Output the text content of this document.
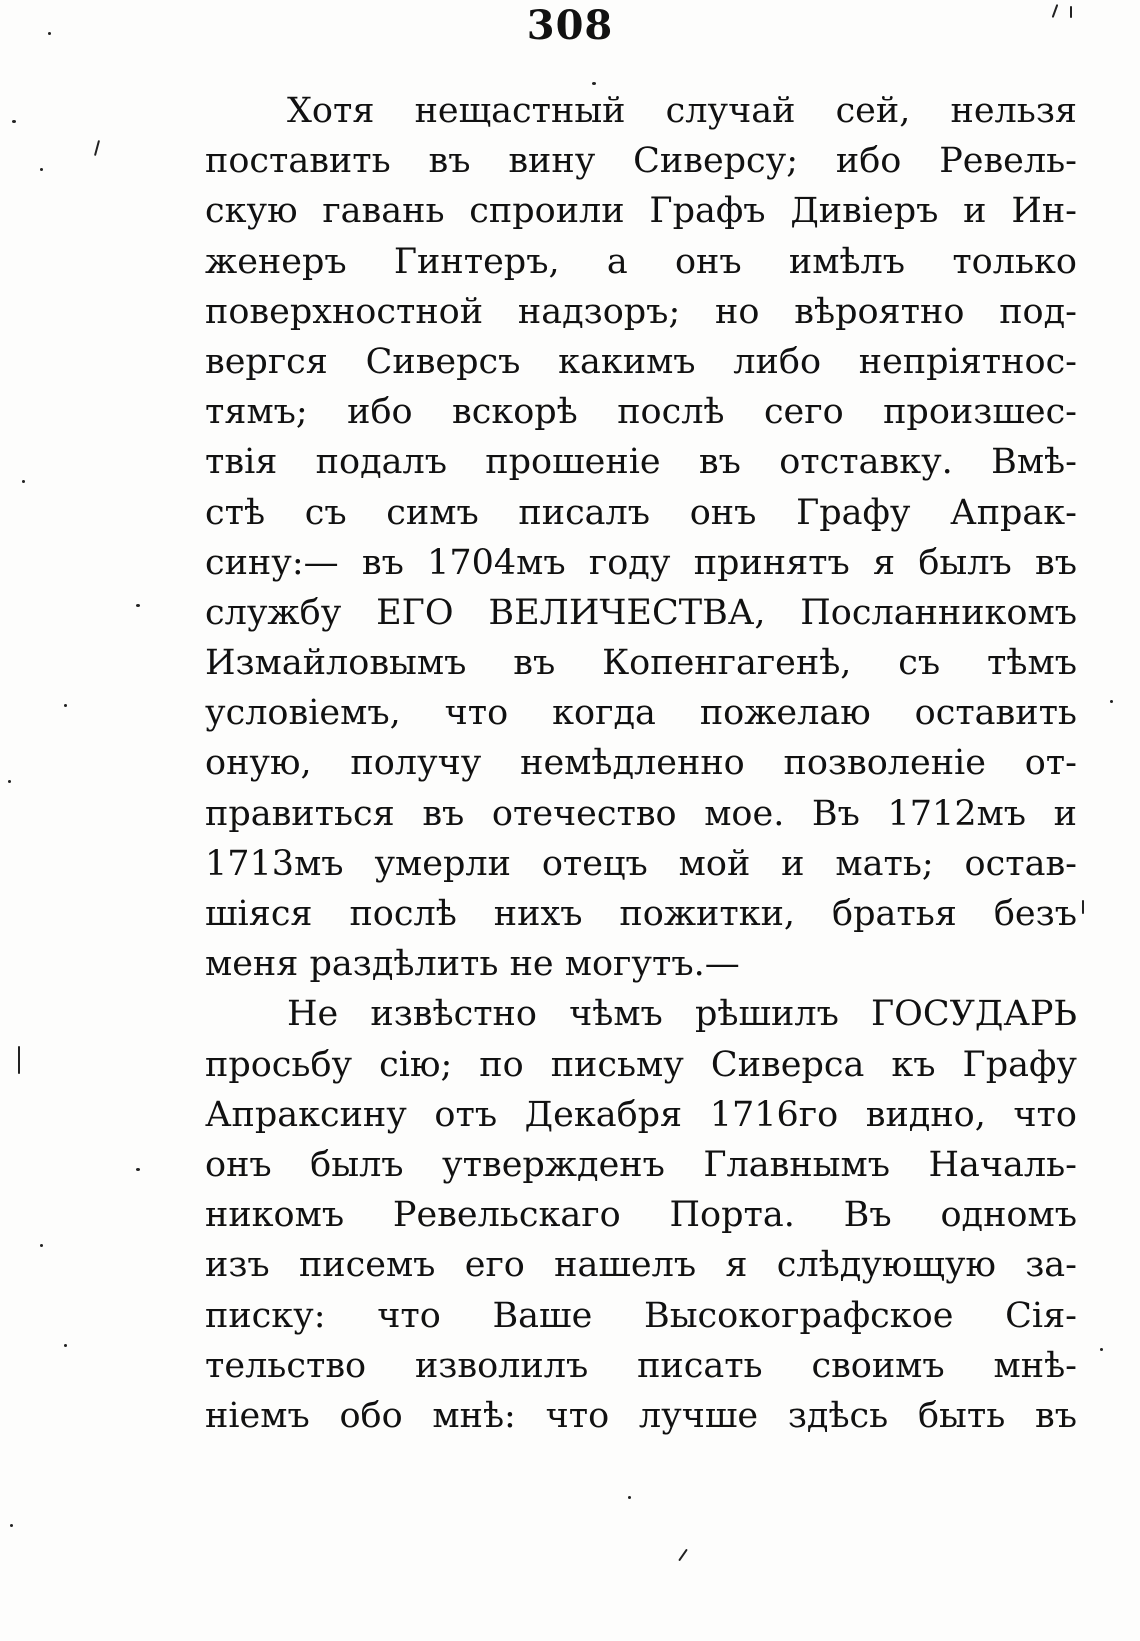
308
Хотя нещастный случай сей, нельзя
поставить въ вину Сиверсу; ибо Ревель-
скую гавань спроили Графъ Дивіеръ и Ин-
женеръ Гинтеръ, а онъ имѣлъ только
поверхностной надзоръ; но вѣроятно под-
вергся Сиверсъ какимъ либо непріятнос-
тямъ; ибо вскорѣ послѣ сего произшес-
твія подалъ прошеніе въ отставку. Вмѣ-
стѣ съ симъ писалъ онъ Графу Апрак-
сину:— въ 1704мъ году принятъ я былъ въ
службу ЕГО ВЕЛИЧЕСТВА, Посланникомъ
Измайловымъ въ Копенгагенѣ, съ тѣмъ
условіемъ, что когда пожелаю оставить
оную, получу немѣдленно позволеніе от-
правиться въ отечество мое. Въ 1712мъ и
1713мъ умерли отецъ мой и мать; остав-
шіяся послѣ нихъ пожитки, братья безъ
меня раздѣлить не могутъ.—
Не извѣстно чѣмъ рѣшилъ ГОСУДАРЬ
просьбу сію; по письму Сиверса къ Графу
Апраксину отъ Декабря 1716го видно, что
онъ былъ утвержденъ Главнымъ Началь-
никомъ Ревельскаго Порта. Въ одномъ
изъ писемъ его нашелъ я слѣдующую за-
писку: что Ваше Высокографское Сія-
тельство изволилъ писать своимъ мнѣ-
ніемъ обо мнѣ: что лучше здѣсь быть въ
